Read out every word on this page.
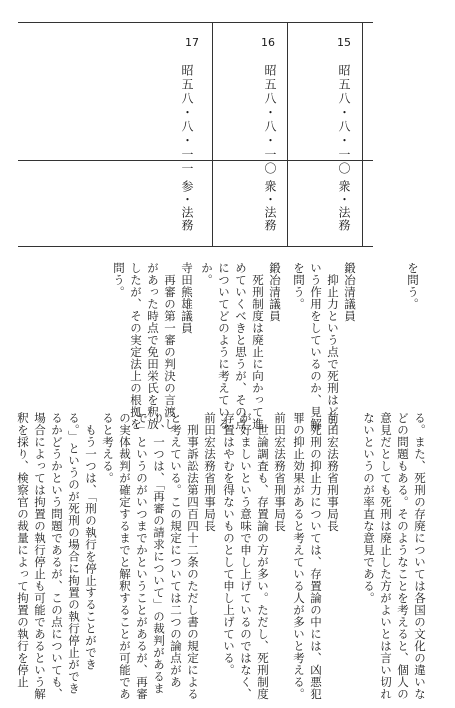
を問う。
る。また、死刑の存廃については各国の文化の違いな
どの問題もある。そのようなことを考えると、個人の
意見だとしても死刑は廃止した方がよいとは言い切れ
ないというのが率直な意見である。
15
昭五八・八・一〇
衆・法務
鍛冶清議員
　抑止力という点で死刑はどう
いう作用をしているのか、見解
を問う。
前田宏法務省刑事局長
　死刑の抑止力については、存置論の中には、凶悪犯
罪の抑止効果があると考えている人が多いと考える。
16
昭五八・八・一〇
衆・法務
鍛冶清議員
　死刑制度は廃止に向かって進
めていくべきと思うが、その点
についてどのように考えている
か。
前田宏法務省刑事局長
　世論調査も、存置論の方が多い。ただし、死刑制度
が好ましいという意味で申し上げているのではなく、
存置はやむを得ないものとして申し上げている。
17
昭五八・八・一一
参・法務
寺田熊雄議員
　再審の第一審の判決の言渡し
があった時点で免田栄氏を釈放
したが、その実定法上の根拠を
問う。
前田宏法務省刑事局長
　刑事訴訟法第四百四十二条のただし書の規定による
と考えている。この規定については二つの論点があ
り、一つは、「再審の請求について」の裁判があるま
で」というのがいつまでかということがあるが、再審
の実体裁判が確定するまでと解釈することが可能であ
ると考える。
　もう一つは、「刑の執行を停止することができ
る。」というのが死刑の場合に拘置の執行停止ができ
るかどうかという問題であるが、この点についても、
場合によっては拘置の執行停止も可能であるという解
釈を採り、検察官の裁量によって拘置の執行を停止
